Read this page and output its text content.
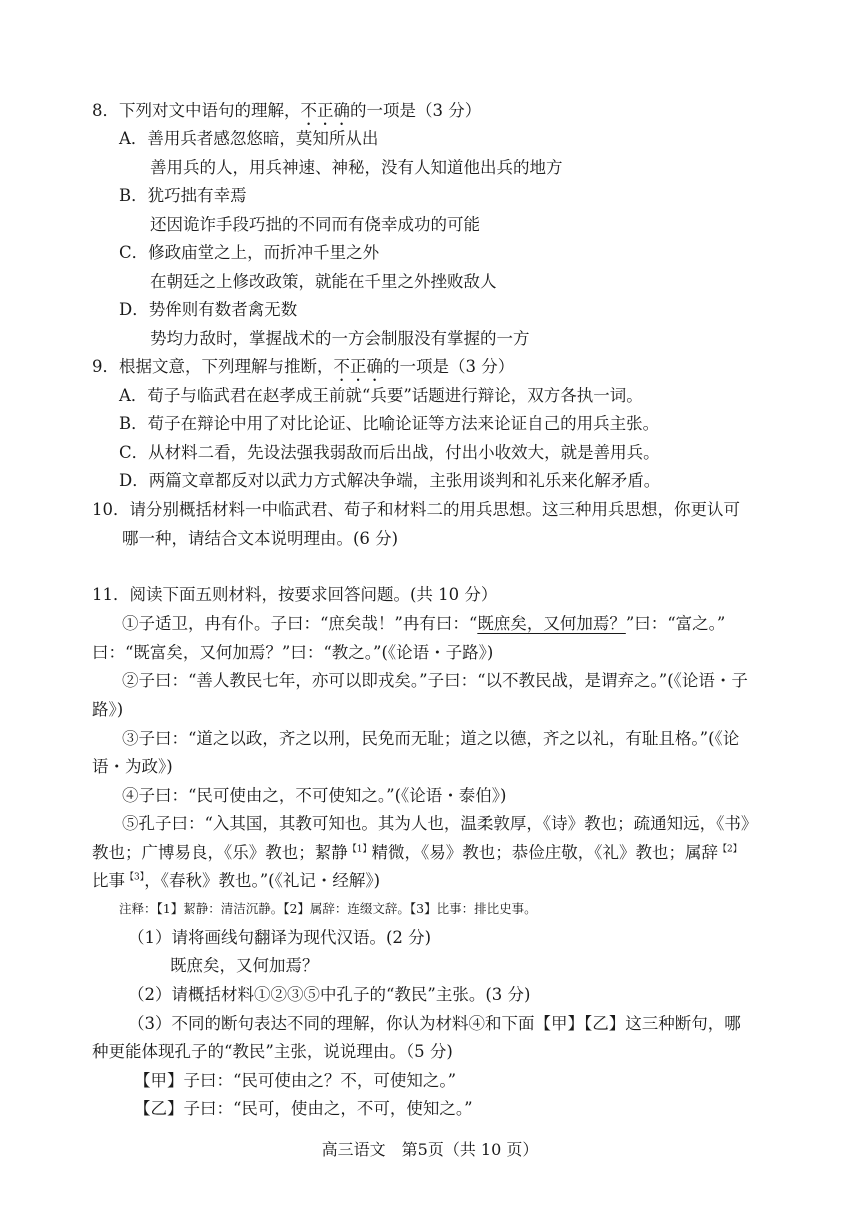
8．下列对文中语句的理解，不正确的一项是（3 分）
A．善用兵者感忽悠暗，莫知所从出
善用兵的人，用兵神速、神秘，没有人知道他出兵的地方
B．犹巧拙有幸焉
还因诡诈手段巧拙的不同而有侥幸成功的可能
C．修政庙堂之上，而折冲千里之外
在朝廷之上修改政策，就能在千里之外挫败敌人
D．势侔则有数者禽无数
势均力敌时，掌握战术的一方会制服没有掌握的一方
9．根据文意，下列理解与推断，不正确的一项是（3 分）
A．荀子与临武君在赵孝成王前就“兵要”话题进行辩论，双方各执一词。
B．荀子在辩论中用了对比论证、比喻论证等方法来论证自己的用兵主张。
C．从材料二看，先设法强我弱敌而后出战，付出小收效大，就是善用兵。
D．两篇文章都反对以武力方式解决争端，主张用谈判和礼乐来化解矛盾。
10．请分别概括材料一中临武君、荀子和材料二的用兵思想。这三种用兵思想，你更认可
哪一种，请结合文本说明理由。(6 分)
11．阅读下面五则材料，按要求回答问题。(共 10 分）
①子适卫，冉有仆。子曰：“庶矣哉！”冉有曰：“既庶矣，又何加焉？”曰：“富之。”
曰：“既富矣，又何加焉？”曰：“教之。”(《论语・子路》)
②子曰：“善人教民七年，亦可以即戎矣。”子曰：“以不教民战，是谓弃之。”(《论语・子
路》)
③子曰：“道之以政，齐之以刑，民免而无耻；道之以德，齐之以礼，有耻且格。”(《论
语・为政》)
④子曰：“民可使由之，不可使知之。”(《论语・泰伯》)
⑤孔子曰：“入其国，其教可知也。其为人也，温柔敦厚，《诗》教也；疏通知远，《书》
教也；广博易良，《乐》教也；絜静$^{【1】}$精微，《易》教也；恭俭庄敬，《礼》教也；属辞$^{【2】}$
比事$^{【3】}$，《春秋》教也。”(《礼记・经解》)
注释：【1】絜静：清洁沉静。【2】属辞：连缀文辞。【3】比事：排比史事。
（1）请将画线句翻译为现代汉语。(2 分)
既庶矣，又何加焉？
（2）请概括材料①②③⑤中孔子的“教民”主张。(3 分)
（3）不同的断句表达不同的理解，你认为材料④和下面【甲】【乙】这三种断句，哪
种更能体现孔子的“教民”主张，说说理由。（5 分)
【甲】子曰：“民可使由之？不，可使知之。”
【乙】子曰：“民可，使由之，不可，使知之。”
高三语文　第5页（共 10 页）
